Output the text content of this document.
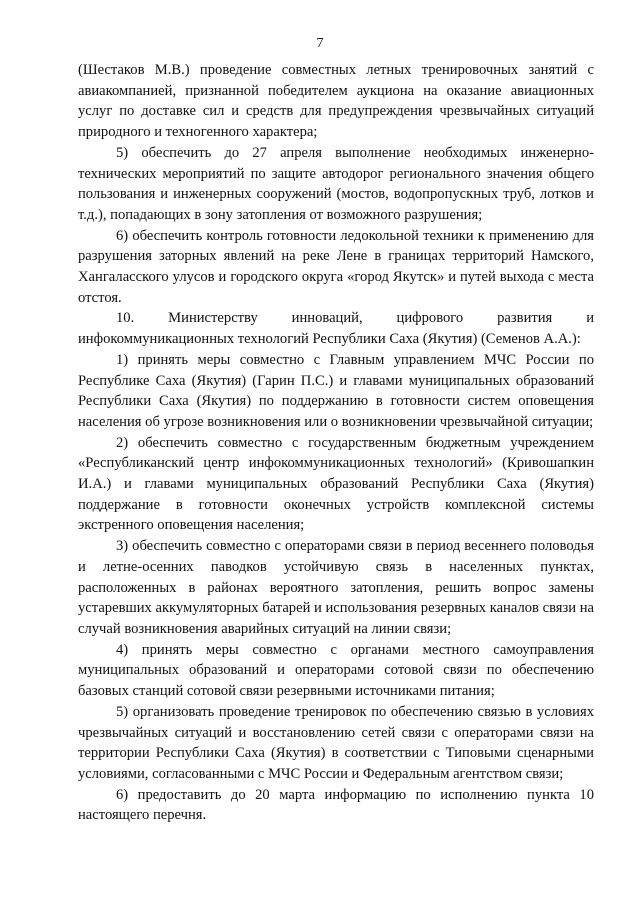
7

(Шестаков М.В.) проведение совместных летных тренировочных занятий с авиакомпанией, признанной победителем аукциона на оказание авиационных услуг по доставке сил и средств для предупреждения чрезвычайных ситуаций природного и техногенного характера;

5) обеспечить до 27 апреля выполнение необходимых инженерно-технических мероприятий по защите автодорог регионального значения общего пользования и инженерных сооружений (мостов, водопропускных труб, лотков и т.д.), попадающих в зону затопления от возможного разрушения;

6) обеспечить контроль готовности ледокольной техники к применению для разрушения заторных явлений на реке Лене в границах территорий Намского, Хангаласского улусов и городского округа «город Якутск» и путей выхода с места отстоя.

10. Министерству инноваций, цифрового развития и инфокоммуникационных технологий Республики Саха (Якутия) (Семенов А.А.):

1) принять меры совместно с Главным управлением МЧС России по Республике Саха (Якутия) (Гарин П.С.) и главами муниципальных образований Республики Саха (Якутия) по поддержанию в готовности систем оповещения населения об угрозе возникновения или о возникновении чрезвычайной ситуации;

2) обеспечить совместно с государственным бюджетным учреждением «Республиканский центр инфокоммуникационных технологий» (Кривошапкин И.А.) и главами муниципальных образований Республики Саха (Якутия) поддержание в готовности оконечных устройств комплексной системы экстренного оповещения населения;

3) обеспечить совместно с операторами связи в период весеннего половодья и летне-осенних паводков устойчивую связь в населенных пунктах, расположенных в районах вероятного затопления, решить вопрос замены устаревших аккумуляторных батарей и использования резервных каналов связи на случай возникновения аварийных ситуаций на линии связи;

4) принять меры совместно с органами местного самоуправления муниципальных образований и операторами сотовой связи по обеспечению базовых станций сотовой связи резервными источниками питания;

5) организовать проведение тренировок по обеспечению связью в условиях чрезвычайных ситуаций и восстановлению сетей связи с операторами связи на территории Республики Саха (Якутия) в соответствии с Типовыми сценарными условиями, согласованными с МЧС России и Федеральным агентством связи;

6) предоставить до 20 марта информацию по исполнению пункта 10 настоящего перечня.
